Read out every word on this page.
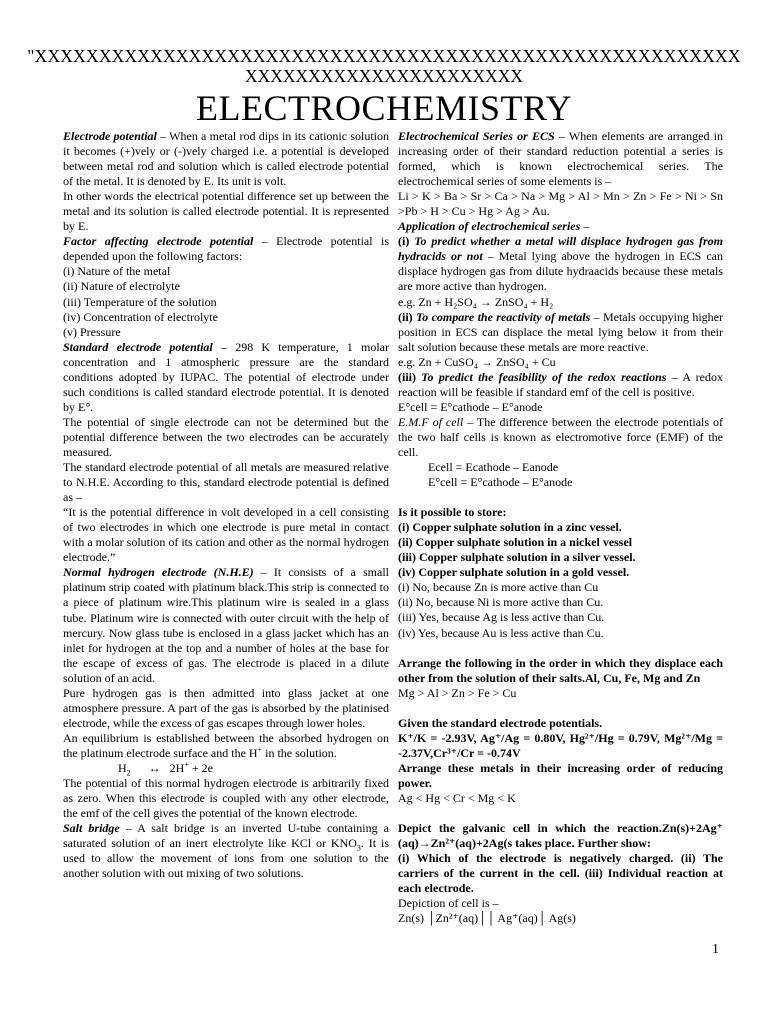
"XXXXXXXXXXXXXXXXXXXXXXXXXXXXXXXXXXXXXXXXXXXXXXXXXXXXXXX
XXXXXXXXXXXXXXXXXXXXXX
ELECTROCHEMISTRY

Electrode potential – When a metal rod dips in its cationic solution it becomes (+)vely or (-)vely charged i.e. a potential is developed between metal rod and solution which is called electrode potential of the metal. It is denoted by E. Its unit is volt.

In other words the electrical potential difference set up between the metal and its solution is called electrode potential. It is represented by E.

Factor affecting electrode potential – Electrode potential is depended upon the following factors:

(i) Nature of the metal

(ii) Nature of electrolyte

(iii) Temperature of the solution

(iv) Concentration of electrolyte

(v) Pressure

Standard electrode potential – 298 K temperature, 1 molar concentration and 1 atmospheric pressure are the standard conditions adopted by IUPAC. The potential of electrode under such conditions is called standard electrode potential. It is denoted by E°.

The potential of single electrode can not be determined but the potential difference between the two electrodes can be accurately measured.

The standard electrode potential of all metals are measured relative to N.H.E. According to this, standard electrode potential is defined as –

“It is the potential difference in volt developed in a cell consisting of two electrodes in which one electrode is pure metal in contact with a molar solution of its cation and other as the normal hydrogen electrode.”

Normal hydrogen electrode (N.H.E) – It consists of a small platinum strip coated with platinum black.This strip is connected to a piece of platinum wire.This platinum wire is sealed in a glass tube. Platinum wire is connected with outer circuit with the help of mercury. Now glass tube is enclosed in a glass jacket which has an inlet for hydrogen at the top and a number of holes at the base for the escape of excess of gas. The electrode is placed in a dilute solution of an acid.

Pure hydrogen gas is then admitted into glass jacket at one atmosphere pressure. A part of the gas is absorbed by the platinised electrode, while the excess of gas escapes through lower holes.

An equilibrium is established between the absorbed hydrogen on the platinum electrode surface and the H+ in the solution.

$H_2$ ↔ 2H+ + 2e

The potential of this normal hydrogen electrode is arbitrarily fixed as zero. When this electrode is coupled with any other electrode, the emf of the cell gives the potential of the known electrode.

Salt bridge – A salt bridge is an inverted U-tube containing a saturated solution of an inert electrolyte like KCl or $KNO_3$. It is used to allow the movement of ions from one solution to the another solution with out mixing of two solutions.

Electrochemical Series or ECS – When elements are arranged in increasing order of their standard reduction potential a series is formed, which is known electrochemical series. The electrochemical series of some elements is –

Li > K > Ba > Sr > Ca > Na > Mg > Al > Mn > Zn > Fe > Ni > Sn >Pb > H > Cu > Hg > Ag > Au.

Application of electrochemical series –

(i) To predict whether a metal will displace hydrogen gas from hydracids or not – Metal lying above the hydrogen in ECS can displace hydrogen gas from dilute hydraacids because these metals are more active than hydrogen.

e.g. Zn + H₂SO₄ → ZnSO₄ + H₂

(ii) To compare the reactivity of metals – Metals occupying higher position in ECS can displace the metal lying below it from their salt solution because these metals are more reactive.

e.g. Zn + CuSO₄ → ZnSO₄ + Cu

(iii) To predict the feasibility of the redox reactions – A redox reaction will be feasible if standard emf of the cell is positive.

E°cell = E°cathode – E°anode

E.M.F of cell – The difference between the electrode potentials of the two half cells is known as electromotive force (EMF) of the cell.

Ecell = Ecathode – Eanode

E°cell = E°cathode – E°anode

Is it possible to store:

(i) Copper sulphate solution in a zinc vessel.

(ii) Copper sulphate solution in a nickel vessel

(iii) Copper sulphate solution in a silver vessel.

(iv) Copper sulphate solution in a gold vessel.

(i) No, because Zn is more active than Cu

(ii) No, because Ni is more active than Cu.

(iii) Yes, because Ag is less active than Cu.

(iv) Yes, because Au is less active than Cu.

Arrange the following in the order in which they displace each other from the solution of their salts.Al, Cu, Fe, Mg and Zn

Mg > Al > Zn > Fe > Cu

Given the standard electrode potentials.

K⁺/K = -2.93V, Ag⁺/Ag = 0.80V, Hg²⁺/Hg = 0.79V, Mg²⁺/Mg = -2.37V,Cr³⁺/Cr = -0.74V

Arrange these metals in their increasing order of reducing power.

Ag < Hg < Cr < Mg < K

Depict the galvanic cell in which the reaction.Zn(s)+2Ag⁺ (aq)→Zn²⁺(aq)+2Ag(s takes place. Further show:

(i) Which of the electrode is negatively charged. (ii) The carriers of the current in the cell. (iii) Individual reaction at each electrode.

Depiction of cell is –

Zn(s) │Zn²⁺(aq)││ Ag⁺(aq)│ Ag(s)

1
